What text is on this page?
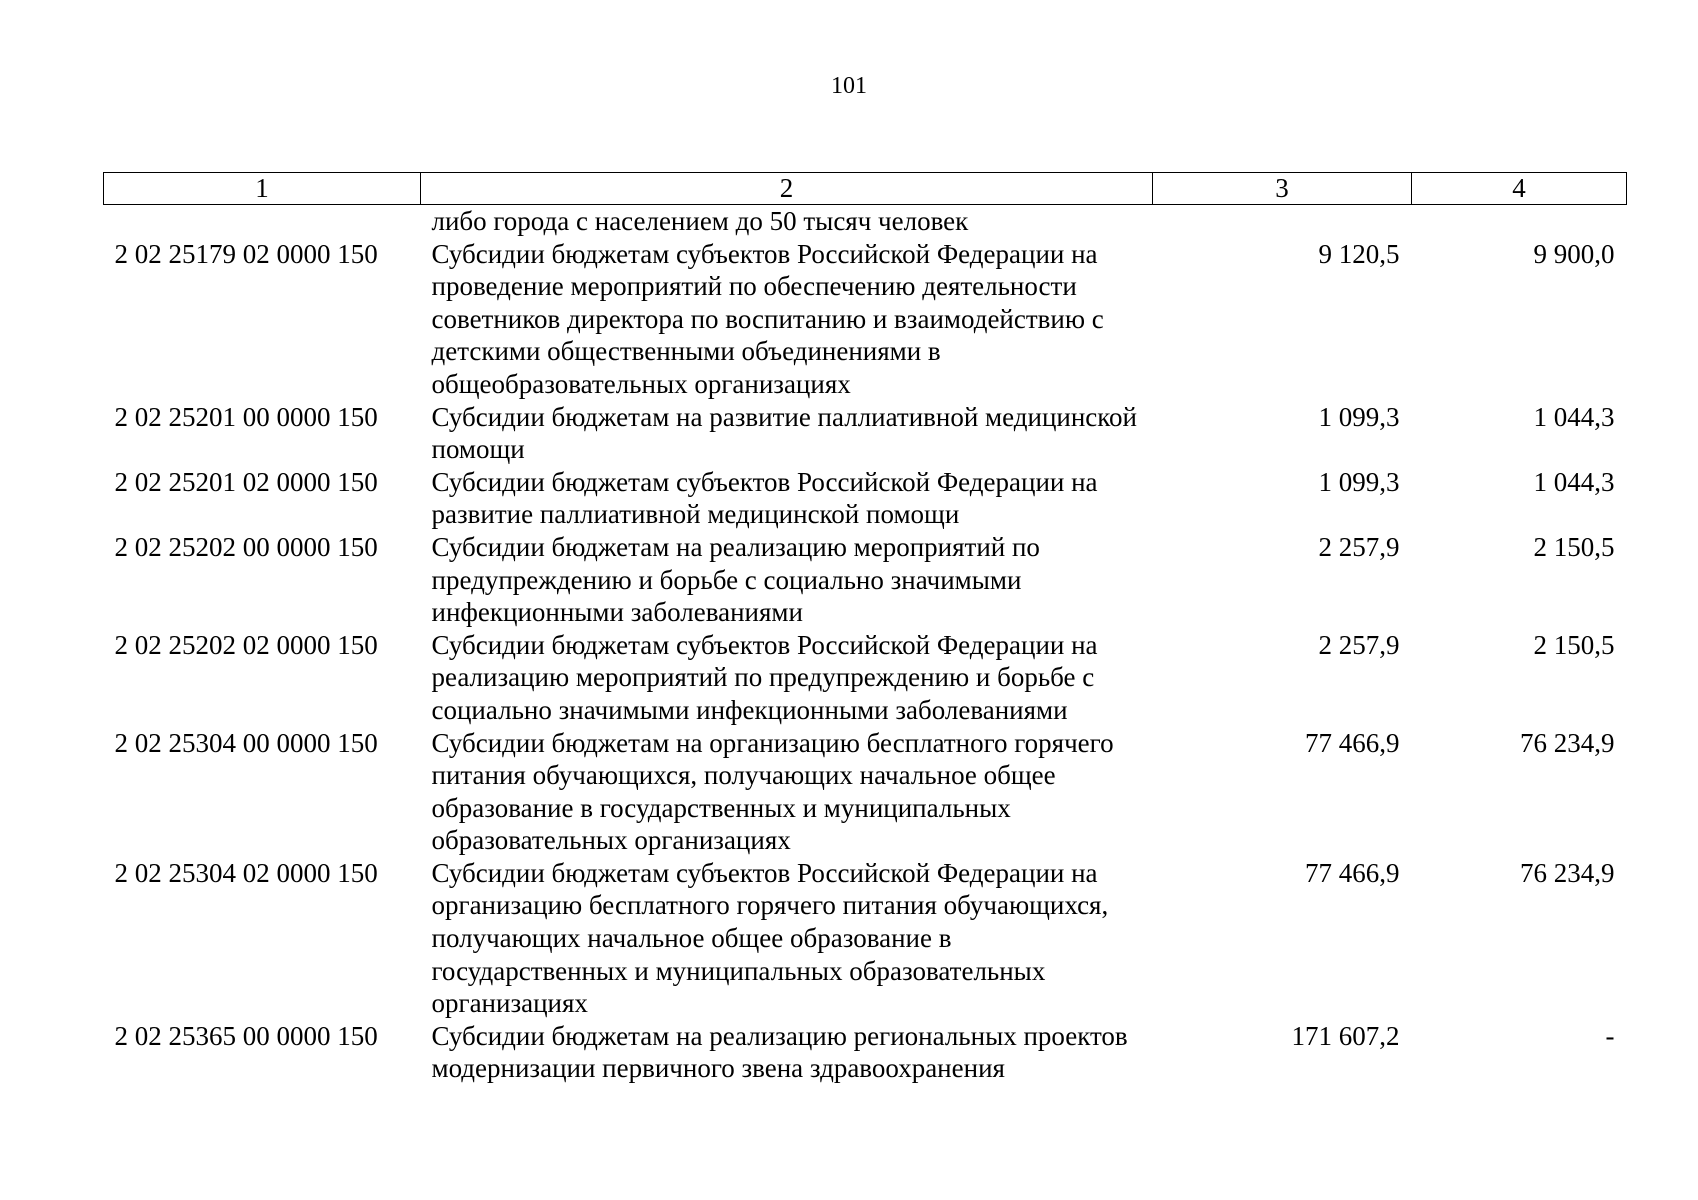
101
1	2	3	4
	либо города с населением до 50 тысяч человек		
2 02 25179 02 0000 150	Субсидии бюджетам субъектов Российской Федерации на проведение мероприятий по обеспечению деятельности советников директора по воспитанию и взаимодействию с детскими общественными объединениями в общеобразовательных организациях	9 120,5	9 900,0
2 02 25201 00 0000 150	Субсидии бюджетам на развитие паллиативной медицинской помощи	1 099,3	1 044,3
2 02 25201 02 0000 150	Субсидии бюджетам субъектов Российской Федерации на развитие паллиативной медицинской помощи	1 099,3	1 044,3
2 02 25202 00 0000 150	Субсидии бюджетам на реализацию мероприятий по предупреждению и борьбе с социально значимыми инфекционными заболеваниями	2 257,9	2 150,5
2 02 25202 02 0000 150	Субсидии бюджетам субъектов Российской Федерации на реализацию мероприятий по предупреждению и борьбе с социально значимыми инфекционными заболеваниями	2 257,9	2 150,5
2 02 25304 00 0000 150	Субсидии бюджетам на организацию бесплатного горячего питания обучающихся, получающих начальное общее образование в государственных и муниципальных образовательных организациях	77 466,9	76 234,9
2 02 25304 02 0000 150	Субсидии бюджетам субъектов Российской Федерации на организацию бесплатного горячего питания обучающихся, получающих начальное общее образование в государственных и муниципальных образовательных организациях	77 466,9	76 234,9
2 02 25365 00 0000 150	Субсидии бюджетам на реализацию региональных проектов модернизации первичного звена здравоохранения	171 607,2	-
